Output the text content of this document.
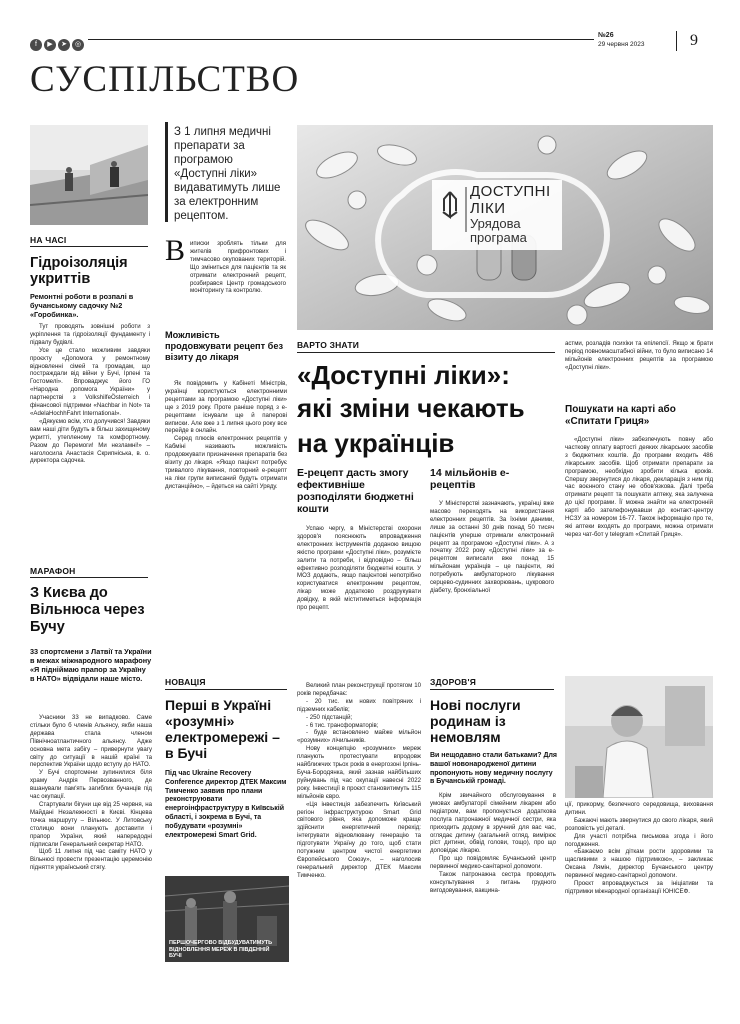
f ▶ ➤ ◎
№26
29 червня 2023	9
СУСПІЛЬСТВО
НА ЧАСІ
Гідроізоляція укриттів
Ремонтні роботи в розпалі в бучанському садочку №2 «Горобинка».

Тут проводять зовнішні роботи з укріплення та гідроізоляції фундаменту і підвалу будівлі.

Усе це стало можливим завдяки проєкту «Допомога у ремонтному відновленні сімей та громадам, що постраждали від війни у Бучі, Ірпені та Гостомелі». Впроваджує його ГО «Народна допомога України» у партнерстві з VolkshilfeÖsterreich і фінансової підтримки «Nachbar in Not» та «AdelaHochhFahrt International».

«Дякуємо всім, хто долучився! Завдяки вам наші діти будуть в більш захищеному укритті, утепленому та комфортному. Разом до Перемоги! Ми незламні!» – наголосила Анастасія Скрипніська, в. о. директора садочка.

МАРАФОН
З Києва до Вільнюса через Бучу
33 спортсмени з Латвії та України в межах міжнародного марафону «Я підніймаю прапор за Україну в НАТО» відвідали наше місто.

Учасники 33 не випадково. Саме стільки було б членів Альянсу, якби наша держава стала членом Північноатлантичного альянсу. Адже основна мета забігу – привернути увагу світу до ситуації в нашій країні та перспектив України щодо вступу до НАТО.

У Бучі спортсмени зупинилися біля храму Андрія Первозванного, де вшанували пам'ять загиблих бучанців під час окупації.

Стартували бігуни ще від 25 червня, на Майдані Незалежності в Києві. Кінцева точка маршруту – Вільнюс. У Литовську столицю вони планують доставити і прапор України, який напередодні підписали Генеральний секретар НАТО.

Щоб 11 липня під час саміту НАТО у Вільнюсі провести презентацію церемонію підняття український стягу.

З 1 липня медичні препарати за програмою «Доступні ліки» видаватимуть лише за електронним рецептом.
В иписки зроблять тільки для жителів прифронтових і тимчасово окупованих територій. Що зміниться для пацієнтів та як отримати електронний рецепт, розбирався Центр громадського моніторингу та контролю.
Можливість продовжувати рецепт без візиту до лікаря

Як повідомить у Кабінеті Міністрів, українці користуються електронними рецептами за програмою «Доступні ліки» ще з 2019 року. Проте раніше поряд з е-рецептами існували ще й паперові виписки. Але вже з 1 липня цього року все перейде в онлайн.

Серед плюсів електронних рецептів у Кабміні називають можливість продовжувати призначення препаратів без візиту до лікаря. «Якщо пацієнт потребує тривалого лікування, повторний е-рецепт на ліки групи виписаний будуть отримати дистанційно», – йдеться на сайті Уряду.

ДОСТУПНІ
ЛІКИ
Урядова
програма
ВАРТО ЗНАТИ
«Доступні ліки»:
які зміни чекають
на українців
Е-рецепт дасть змогу ефективніше розподіляти бюджетні кошти

Успаю чергу, в Міністерстві охорони здоров'я пояснюють впровадження електронних інструментів доданою вищою якістю програми «Доступні ліки», розумієте залити та потреби, і відповідно – більш ефективно розподіляти бюджетні кошти. У МОЗ додають, якщо пацієнтові непотрібно користуватися електронним рецептом, лікар може додатково роздрукувати довідку, в якій міститиметься інформація про рецепт.

14 мільйонів е-рецептів

У Міністерстві зазначають, українці вже масово переходять на використання електронних рецептів. За їхніми даними, лише за останні 30 днів понад 50 тисяч пацієнтів уперше отримали електронний рецепт за програмою «Доступні ліки». А з початку 2022 року «Доступні ліки» за е-рецептом виписали вже понад 15 мільйонам українців – це пацієнти, які потребують амбулаторного лікування серцево-судинних захворювань, цукрового діабету, бронхіальної

астми, розладів психіки та епілепсії. Якщо ж брати період повномасштабної війни, то було виписано 14 мільйонів електронних рецептів за програмою «Доступні ліки».

Пошукати на карті або «Спитати Гриця»

«Доступні ліки» забезпечують повну або часткову оплату вартості деяких лікарських засобів з бюджетних коштів. До програми входить 486 лікарських засобів. Щоб отримати препарати за програмою, необхідно зробити кілька кроків. Спершу звернутися до лікаря, декларація з ним під час воєнного стану не обов'язкова. Далі треба отримати рецепт та пошукати аптеку, яка залучена до цієї програми. Її можна знайти на електронній карті або зателефонувавши до контакт-центру НСЗУ за номером 16-77. Також інформацію про те, які аптеки входять до програми, можна отримати через чат-бот у telegram «Спитай Гриця».

НОВАЦІЯ
Перші в Україні «розумні» електромережі – в Бучі
Під час Ukraine Recovery Conference директор ДТЕК Максим Тимченко заявив про плани реконструювати енергоінфраструктуру в Київській області, і зокрема в Бучі, та побудувати «розумні» електромережі Smart Grid.
ПЕРШОЧЕРГОВО ВІДБУДУВАТИМУТЬ ВІДНОВЛЕННЯ МЕРЕЖ В ПІВДЕННІЙ БУЧІ

Великий план реконструкції протягом 10 років передбачає:

- 20 тис. км нових повітряних і підземних кабелів;

- 250 підстанцій;

- 6 тис. трансформаторів;

- буде встановлено майже мільйон «розумних» лічильників.

Нову концепцію «розумних» мереж планують протестувати впродовж найближчих трьох років в енергозоні Ірпінь-Буча-Бородянка, який зазнав найбільших руйнувань під час окупації навесні 2022 року. Інвестиції в проєкт становитимуть 115 мільйонів євро.

«Ця інвестиція забезпечить Київський регіон інфраструктурою Smart Grid світового рівня, яка допоможе краще здійснити енергетичний перехід: інтегрувати відновлювану генерацію та підготувати Україну до того, щоб стати потужним центром чистої енергетики Європейського Союзу», – наголосив генеральний директор ДТЕК Максим Тимченко.

ЗДОРОВ'Я
Нові послуги родинам із немовлям
Ви нещодавно стали батьками? Для вашої новонародженої дитини пропонують нову медичну послугу в Бучанській громаді.

Крім звичайного обслуговування в умовах амбулаторії сімейним лікарем або педіатром, вам пропонується додаткова послуга патронажної медичної сестри, яка приходить додому в зручний для вас час, оглядає дитину (загальний огляд, вимірює ріст дитини, обвід голови, тощо), про що доповідає лікарю.

Про що повідомляє Бучанський центр первинної медико-санітарної допомоги.

Також патронажна сестра проводить консультування з питань грудного вигодовування, вакцина-

ції, прикорму, безпечного середовища, виховання дитини.

Бажаючі мають звернутися до свого лікаря, який розповість усі деталі.

Для участі потрібна письмова згода і його погодження.

«Бажаємо всім діткам рости здоровими та щасливими з нашою підтримкою», – закликає Оксана Лямін, директор Бучанського центру первинної медико-санітарної допомоги.

Проєкт впроваджується за ініціативи та підтримки міжнародної організації ЮНІСЕФ.
